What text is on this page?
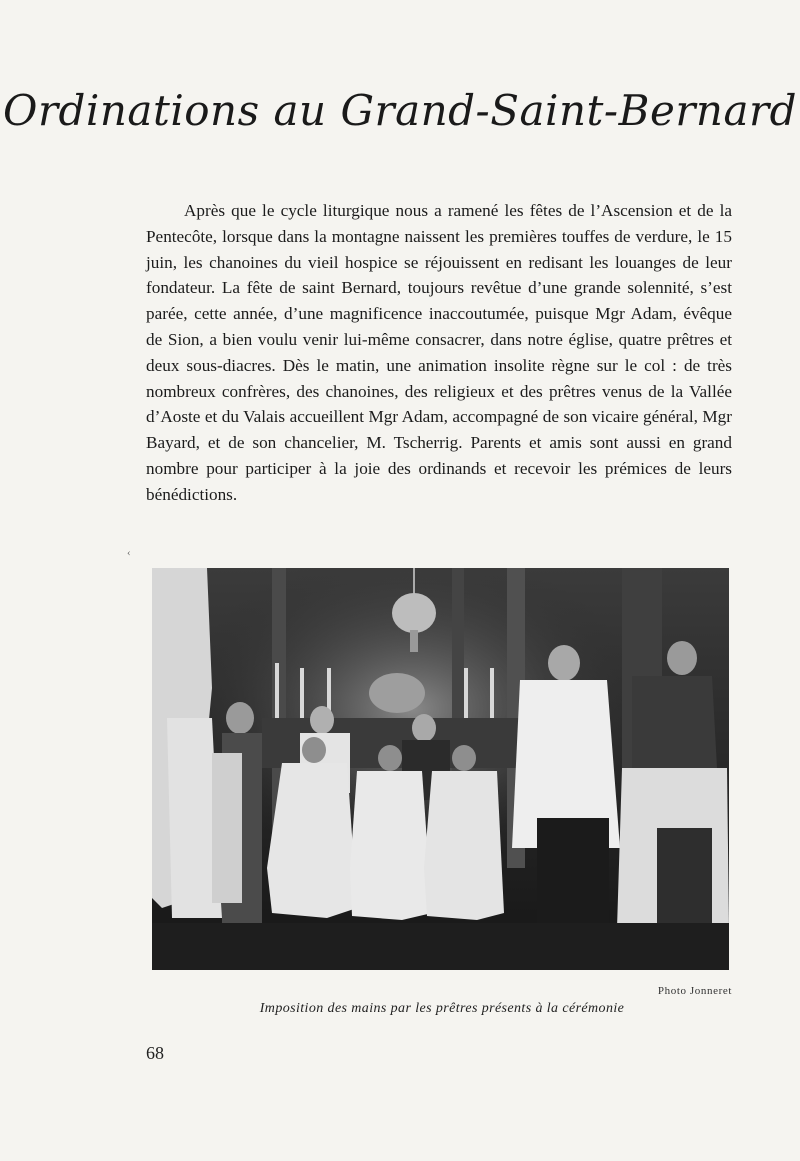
Ordinations au Grand-Saint-Bernard

Après que le cycle liturgique nous a ramené les fêtes de l’Ascension et de la Pentecôte, lorsque dans la montagne naissent les premières touffes de verdure, le 15 juin, les chanoines du vieil hospice se réjouissent en redisant les louanges de leur fondateur. La fête de saint Bernard, toujours revêtue d’une grande solennité, s’est parée, cette année, d’une magnificence inaccoutumée, puisque Mgr Adam, évêque de Sion, a bien voulu venir lui-même consacrer, dans notre église, quatre prêtres et deux sous-diacres. Dès le matin, une animation insolite règne sur le col : de très nombreux confrères, des chanoines, des religieux et des prêtres venus de la Vallée d’Aoste et du Valais accueillent Mgr Adam, accompagné de son vicaire général, Mgr Bayard, et de son chancelier, M. Tscherrig. Parents et amis sont aussi en grand nombre pour participer à la joie des ordinands et recevoir les prémices de leurs bénédictions.

‹
Photo Jonneret
Imposition des mains par les prêtres présents à la cérémonie
68
